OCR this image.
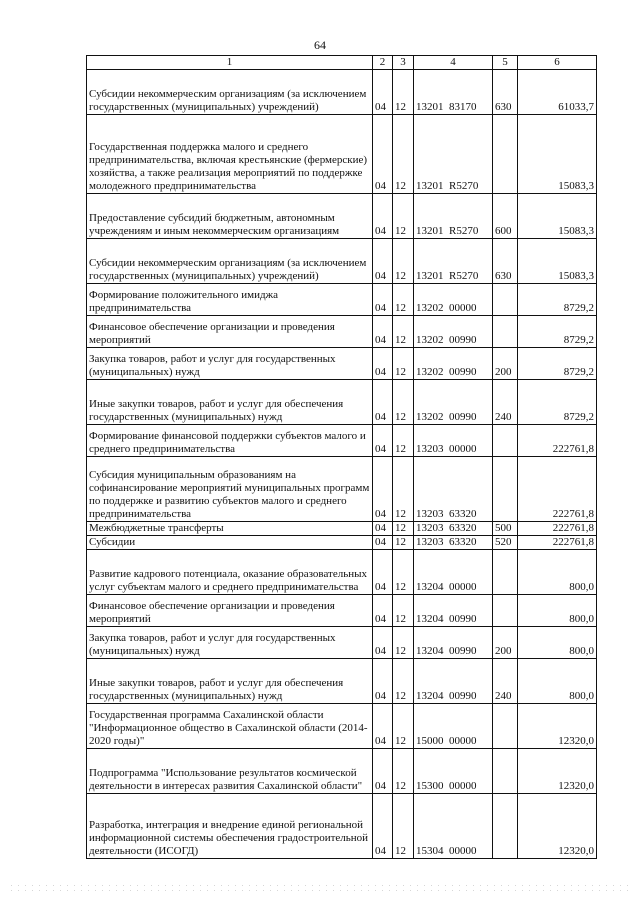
64
1	2	3	4	5	6
Субсидии некоммерческим организациям (за исключением государственных (муниципальных) учреждений)	04	12	13201  83170	630	61033,7
Государственная поддержка малого и среднего предпринимательства, включая крестьянские (фермерские) хозяйства, а также реализация мероприятий по поддержке молодежного предпринимательства	04	12	13201  R5270		15083,3
Предоставление субсидий бюджетным, автономным учреждениям и иным некоммерческим организациям	04	12	13201  R5270	600	15083,3
Субсидии некоммерческим организациям (за исключением государственных (муниципальных) учреждений)	04	12	13201  R5270	630	15083,3
Формирование положительного имиджа предпринимательства	04	12	13202  00000		8729,2
Финансовое обеспечение организации и проведения мероприятий	04	12	13202  00990		8729,2
Закупка товаров, работ и услуг для государственных (муниципальных) нужд	04	12	13202  00990	200	8729,2
Иные закупки товаров, работ и услуг для обеспечения государственных (муниципальных) нужд	04	12	13202  00990	240	8729,2
Формирование финансовой поддержки субъектов малого и среднего предпринимательства	04	12	13203  00000		222761,8
Субсидия муниципальным образованиям на софинансирование мероприятий муниципальных программ по поддержке и развитию субъектов малого и среднего предпринимательства	04	12	13203  63320		222761,8
Межбюджетные трансферты	04	12	13203  63320	500	222761,8
Субсидии	04	12	13203  63320	520	222761,8
Развитие кадрового потенциала, оказание образовательных услуг субъектам малого и среднего предпринимательства	04	12	13204  00000		800,0
Финансовое обеспечение организации и проведения мероприятий	04	12	13204  00990		800,0
Закупка товаров, работ и услуг для государственных (муниципальных) нужд	04	12	13204  00990	200	800,0
Иные закупки товаров, работ и услуг для обеспечения государственных (муниципальных) нужд	04	12	13204  00990	240	800,0
Государственная программа Сахалинской области "Информационное общество в Сахалинской области (2014-2020 годы)"	04	12	15000  00000		12320,0
Подпрограмма "Использование результатов космической деятельности в интересах развития Сахалинской области"	04	12	15300  00000		12320,0
Разработка, интеграция и внедрение единой региональной информационной системы обеспечения градостроительной деятельности (ИСОГД)	04	12	15304  00000		12320,0
